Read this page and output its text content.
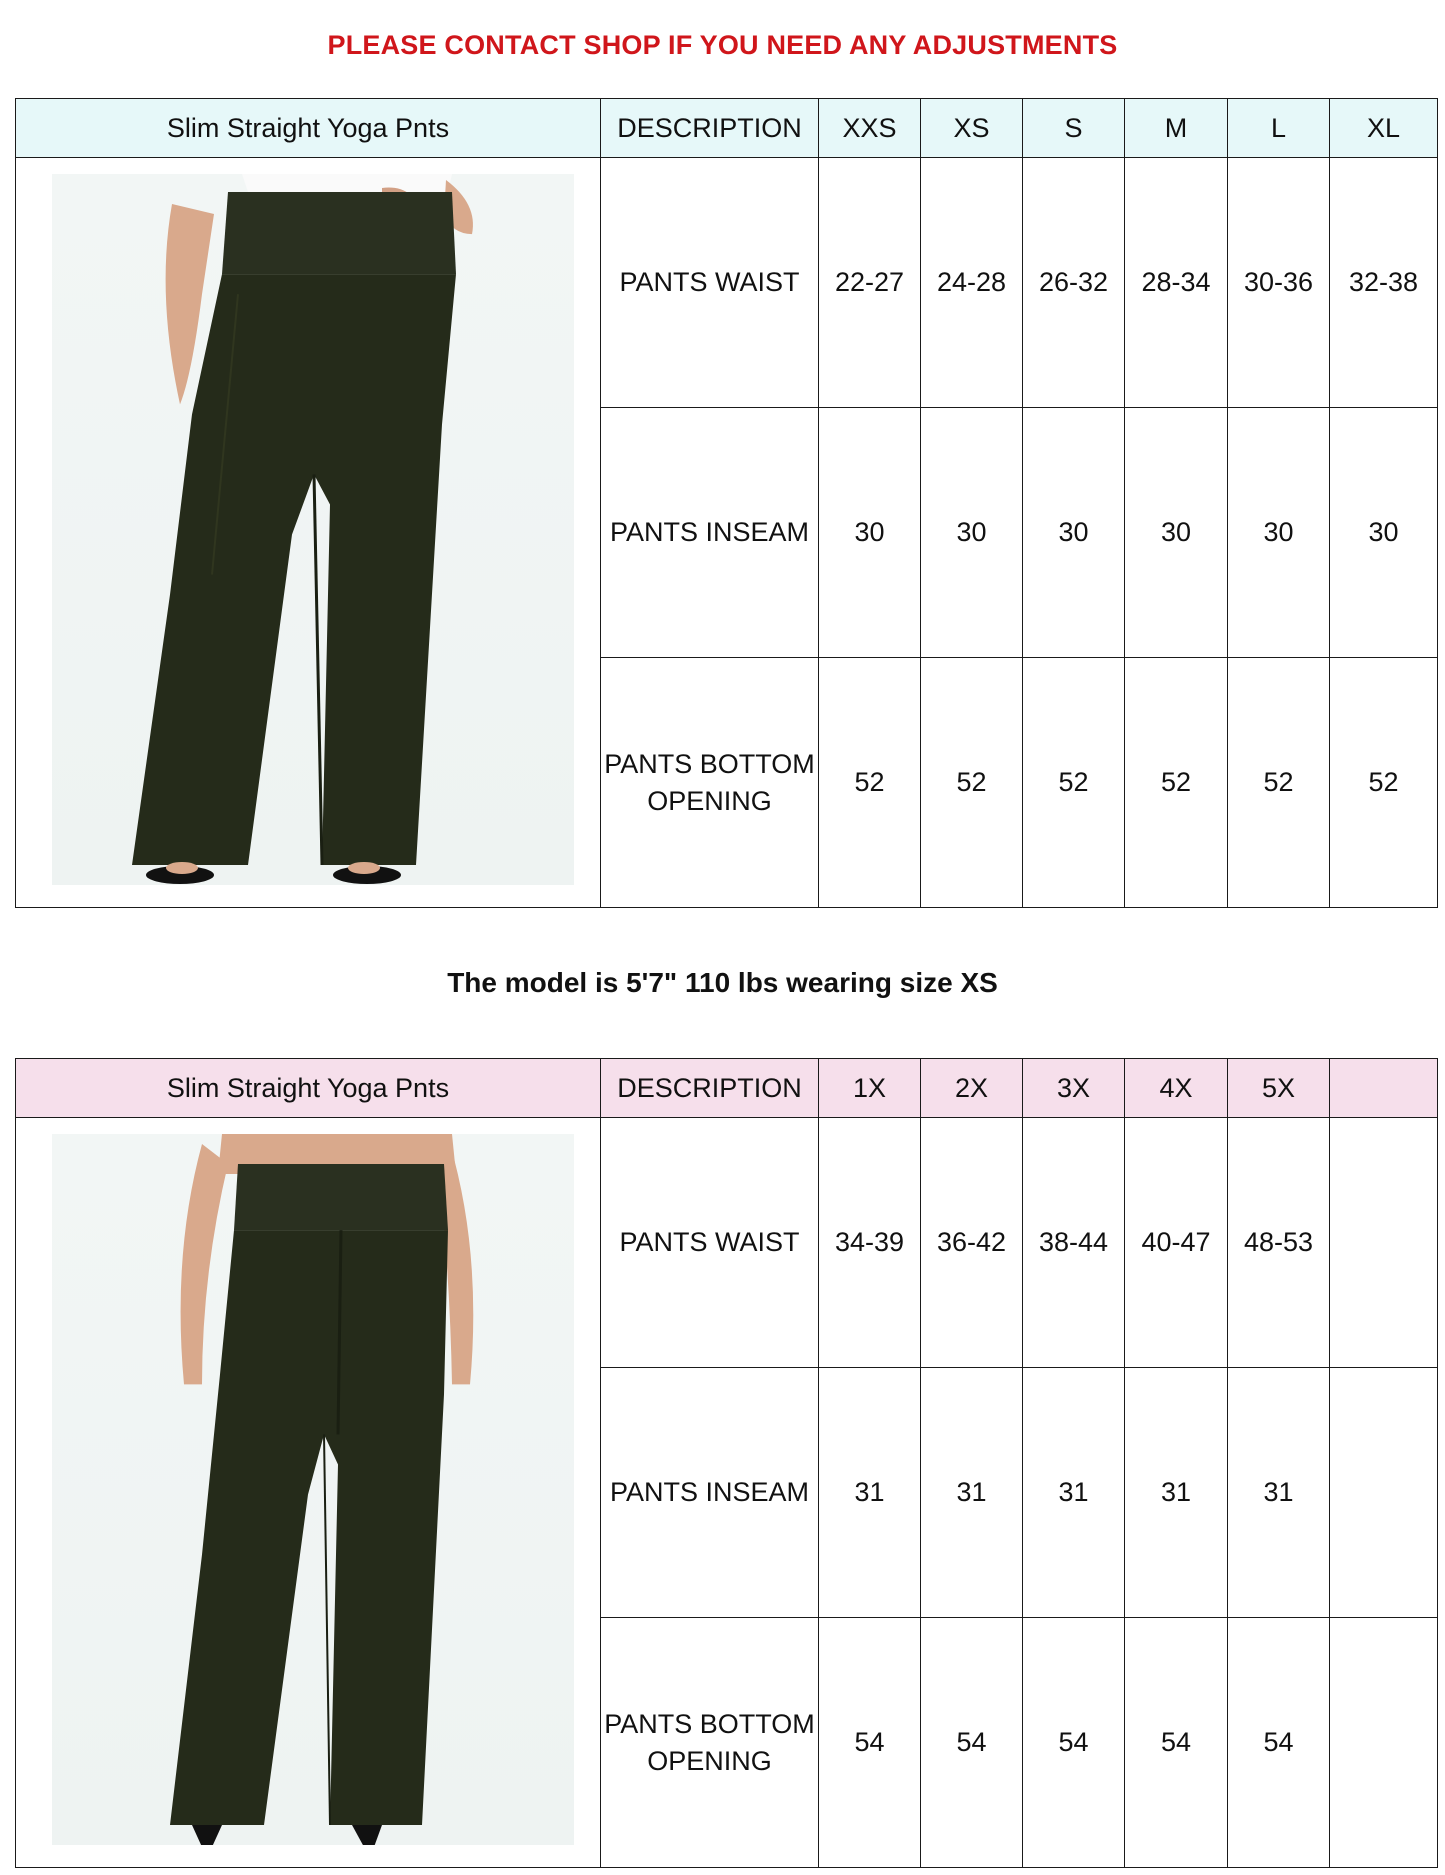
PLEASE CONTACT SHOP IF YOU NEED ANY ADJUSTMENTS
Slim Straight Yoga Pnts	DESCRIPTION	XXS	XS	S	M	L	XL

	PANTS WAIST	22-27	24-28	26-32	28-34	30-36	32-38
	PANTS INSEAM	30	30	30	30	30	30
	PANTS BOTTOM
OPENING	52	52	52	52	52	52
The model is 5'7" 110 lbs wearing size XS
Slim Straight Yoga Pnts	DESCRIPTION	1X	2X	3X	4X	5X	

	PANTS WAIST	34-39	36-42	38-44	40-47	48-53	
	PANTS INSEAM	31	31	31	31	31	
	PANTS BOTTOM
OPENING	54	54	54	54	54	
